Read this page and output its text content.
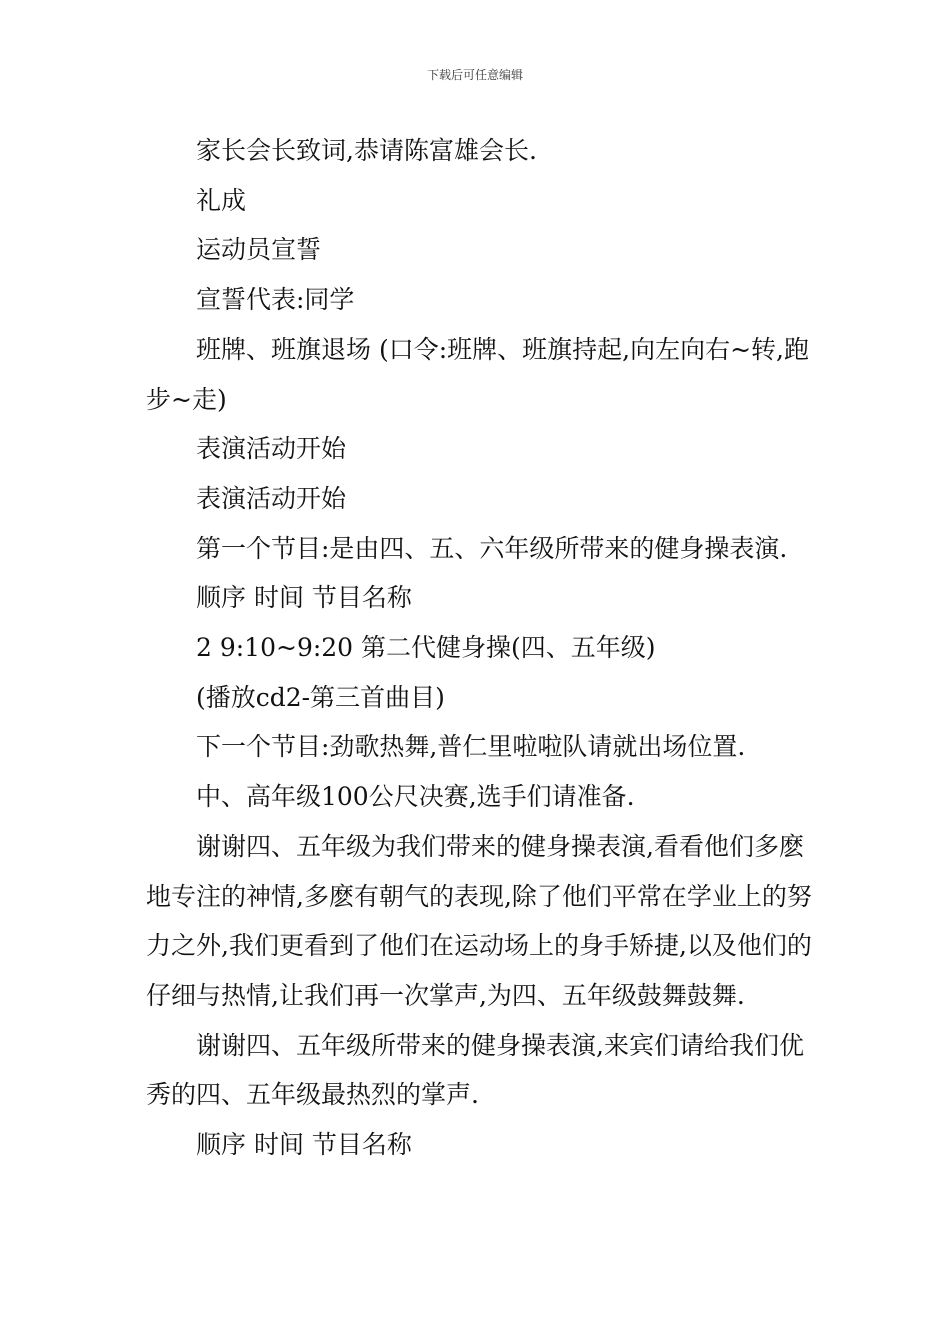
下载后可任意编辑

家长会长致词,恭请陈富雄会长.

礼成

运动员宣誓

宣誓代表:同学

班牌、班旗退场 (口令:班牌、班旗持起,向左向右~转,跑步~走)

表演活动开始

表演活动开始

第一个节目:是由四、五、六年级所带来的健身操表演.

顺序 时间 节目名称

2 9:10~9:20 第二代健身操(四、五年级)

(播放cd2-第三首曲目)

下一个节目:劲歌热舞,普仁里啦啦队请就出场位置.

中、高年级100公尺决赛,选手们请准备.

谢谢四、五年级为我们带来的健身操表演,看看他们多麽地专注的神情,多麽有朝气的表现,除了他们平常在学业上的努力之外,我们更看到了他们在运动场上的身手矫捷,以及他们的仔细与热情,让我们再一次掌声,为四、五年级鼓舞鼓舞.

谢谢四、五年级所带来的健身操表演,来宾们请给我们优秀的四、五年级最热烈的掌声.

顺序 时间 节目名称
